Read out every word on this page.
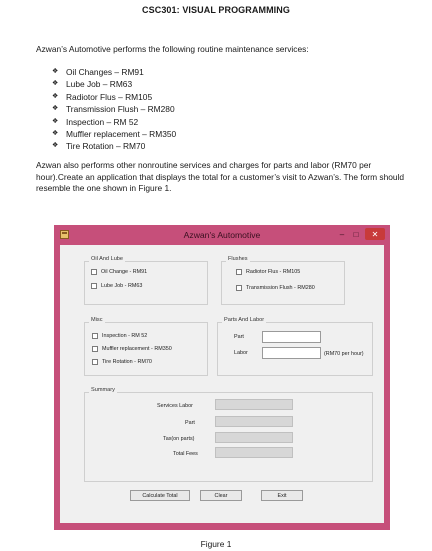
CSC301: VISUAL PROGRAMMING
Azwan’s Automotive performs the following routine maintenance services:
❖ Oil Changes – RM91
❖ Lube Job – RM63
❖ Radiotor Flus – RM105
❖ Transmission Flush – RM280
❖ Inspection – RM 52
❖ Muffler replacement – RM350
❖ Tire Rotation – RM70
Azwan also performs other nonroutine services and charges for parts and labor (RM70 per hour).Create an application that displays the total for a customer’s visit to Azwan’s. The form should resemble the one shown in Figure 1.
Azwan's Automotive	–	□	✕
Oil And Lube
Oil Change - RM91
Lube Job - RM63
Flushes
Radiotor Flus - RM105
Transmission Flush - RM280
Misc
Inspection - RM 52
Muffler replacement - RM350
Tire Rotation - RM70
Parts And Labor
Part
Labor	(RM70 per hour)
Summary
Services Labor
Part
Tax(on parts)
Total Fees
Calculate Total	Clear	Exit
Figure 1
